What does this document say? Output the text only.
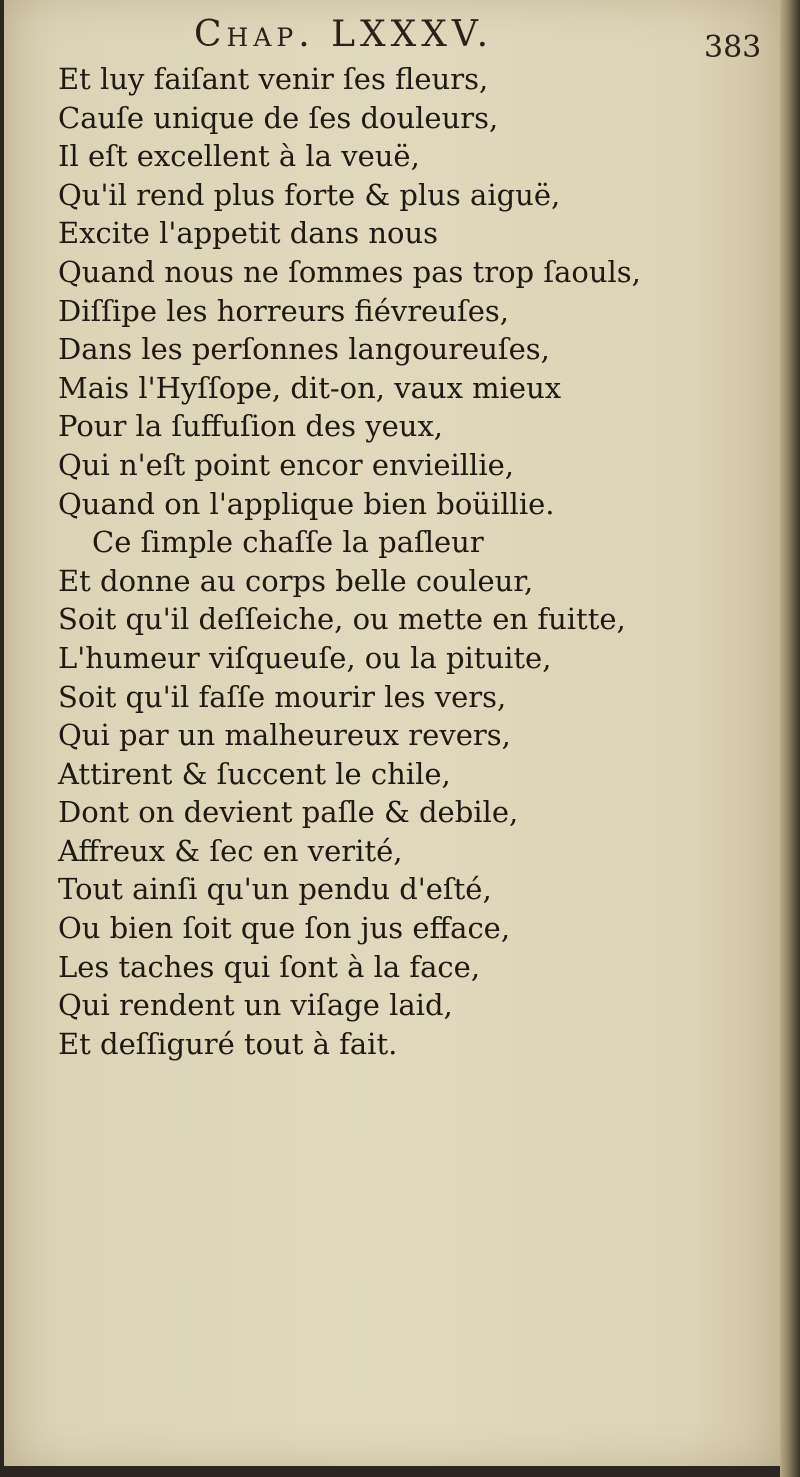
Chap. LXXXV.	383
Et luy faiſant venir ſes fleurs,
Cauſe unique de ſes douleurs,
Il eſt excellent à la veuë,
Qu'il rend plus forte & plus aiguë,
Excite l'appetit dans nous
Quand nous ne ſommes pas trop ſaouls,
Diſſipe les horreurs fiévreuſes,
Dans les perſonnes langoureuſes,
Mais l'Hyſſope, dit-on, vaux mieux
Pour la ſuffuſion des yeux,
Qui n'eſt point encor envieillie,
Quand on l'applique bien boüillie.
Ce ſimple chaſſe la paſleur
Et donne au corps belle couleur,
Soit qu'il deſſeiche, ou mette en fuitte,
L'humeur viſqueuſe, ou la pituite,
Soit qu'il faſſe mourir les vers,
Qui par un malheureux revers,
Attirent & ſuccent le chile,
Dont on devient paſle & debile,
Affreux & ſec en verité,
Tout ainſi qu'un pendu d'eſté,
Ou bien ſoit que ſon jus efface,
Les taches qui ſont à la face,
Qui rendent un viſage laid,
Et deſſiguré tout à fait.
